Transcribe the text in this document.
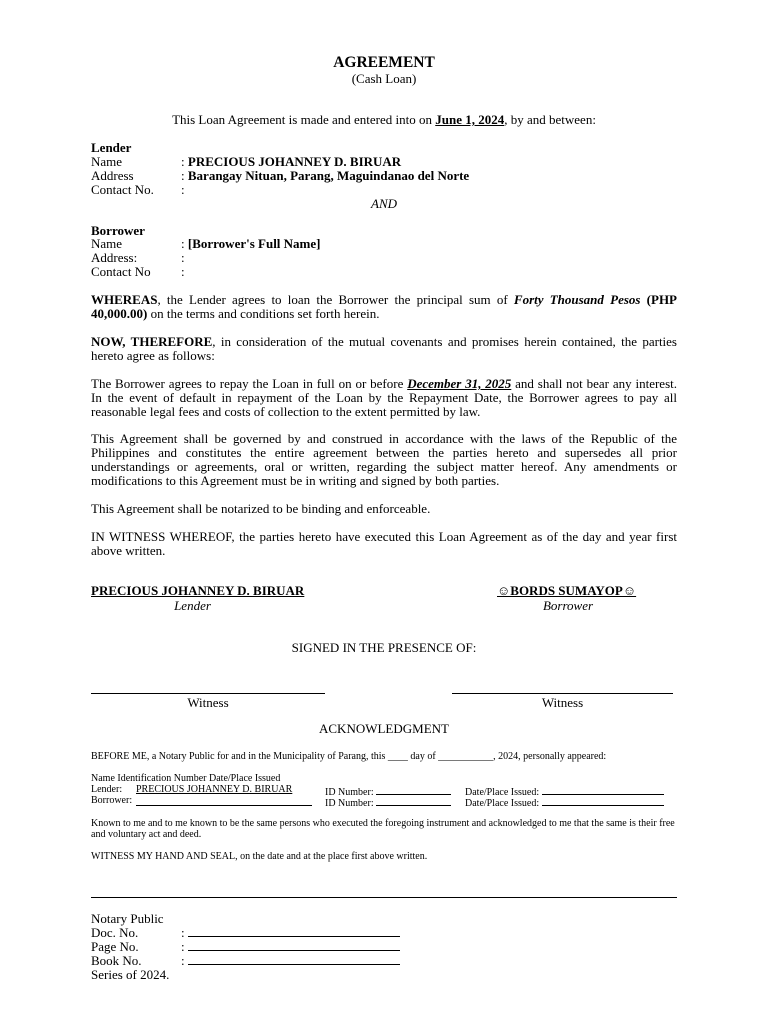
AGREEMENT
(Cash Loan)
This Loan Agreement is made and entered into on June 1, 2024, by and between:
Lender
Name	: PRECIOUS JOHANNEY D. BIRUAR
Address	: Barangay Nituan, Parang, Maguindanao del Norte
Contact No. :
AND
Borrower
Name	: [Borrower's Full Name]
Address:	:
Contact No :
WHEREAS, the Lender agrees to loan the Borrower the principal sum of Forty Thousand Pesos (PHP 40,000.00) on the terms and conditions set forth herein.
NOW, THEREFORE, in consideration of the mutual covenants and promises herein contained, the parties hereto agree as follows:
The Borrower agrees to repay the Loan in full on or before December 31, 2025 and shall not bear any interest. In the event of default in repayment of the Loan by the Repayment Date, the Borrower agrees to pay all reasonable legal fees and costs of collection to the extent permitted by law.
This Agreement shall be governed by and construed in accordance with the laws of the Republic of the Philippines and constitutes the entire agreement between the parties hereto and supersedes all prior understandings or agreements, oral or written, regarding the subject matter hereof. Any amendments or modifications to this Agreement must be in writing and signed by both parties.
This Agreement shall be notarized to be binding and enforceable.
IN WITNESS WHEREOF, the parties hereto have executed this Loan Agreement as of the day and year first above written.
PRECIOUS JOHANNEY D. BIRUAR
Lender
☺BORDS SUMAYOP☺
Borrower
SIGNED IN THE PRESENCE OF:
Witness	Witness
ACKNOWLEDGMENT
BEFORE ME, a Notary Public for and in the Municipality of Parang, this ____ day of ___________, 2024, personally appeared:
Name Identification Number Date/Place Issued
Lender: PRECIOUS JOHANNEY D. BIRUAR	ID Number:	Date/Place Issued:
Borrower:	ID Number:	Date/Place Issued:
Known to me and to me known to be the same persons who executed the foregoing instrument and acknowledged to me that the same is their free and voluntary act and deed.
WITNESS MY HAND AND SEAL, on the date and at the place first above written.
Notary Public
Doc. No.	:
Page No.	:
Book No.	:
Series of 2024.
